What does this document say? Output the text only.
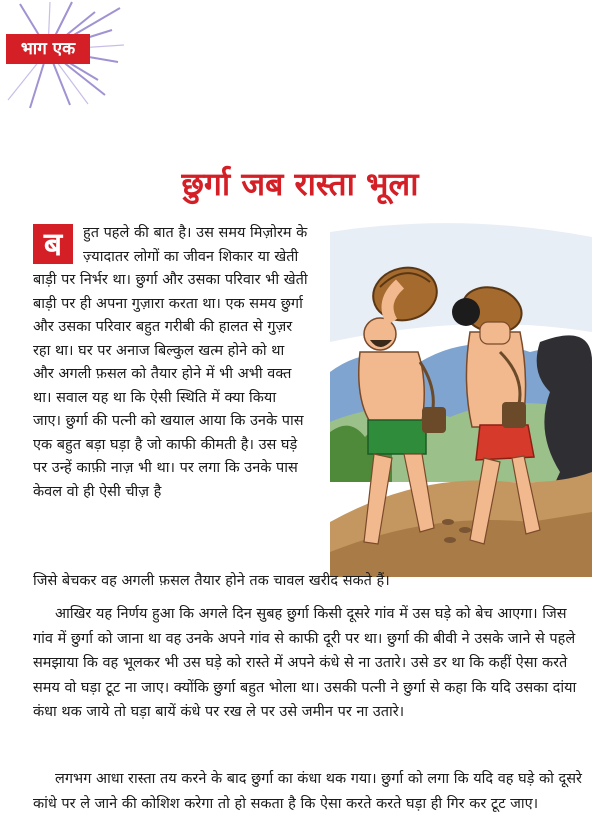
भाग एक
छुर्गा जब रास्ता भूला

ब	हुत पहले की बात है। उस समय मिज़ोरम के ज़्यादातर लोगों का जीवन शिकार या खेती बाड़ी पर निर्भर था। छुर्गा और उसका परिवार भी खेती बाड़ी पर ही अपना गुज़ारा करता था। एक समय छुर्गा और उसका परिवार बहुत गरीबी की हालत से गुज़र रहा था। घर पर अनाज बिल्कुल खत्म होने को था और अगली फ़सल को तैयार होने में भी अभी वक्त था। सवाल यह था कि ऐसी स्थिति में क्या किया जाए। छुर्गा की पत्नी को खयाल आया कि उनके पास एक बहुत बड़ा घड़ा है जो काफी कीमती है। उस घड़े पर उन्हें काफ़ी नाज़ भी था। पर लगा कि उनके पास केवल वो ही ऐसी चीज़ है

जिसे बेचकर वह अगली फ़सल तैयार होने तक चावल खरीद सकते हैं।

आखिर यह निर्णय हुआ कि अगले दिन सुबह छुर्गा किसी दूसरे गांव में उस घड़े को बेच आएगा। जिस गांव में छुर्गा को जाना था वह उनके अपने गांव से काफी दूरी पर था। छुर्गा की बीवी ने उसके जाने से पहले समझाया कि वह भूलकर भी उस घड़े को रास्ते में अपने कंधे से ना उतारे। उसे डर था कि कहीं ऐसा करते समय वो घड़ा टूट ना जाए। क्योंकि छुर्गा बहुत भोला था। उसकी पत्नी ने छुर्गा से कहा कि यदि उसका दांया कंधा थक जाये तो घड़ा बायें कंधे पर रख ले पर उसे जमीन पर ना उतारे।

लगभग आधा रास्ता तय करने के बाद छुर्गा का कंधा थक गया। छुर्गा को लगा कि यदि वह घड़े को दूसरे कांधे पर ले जाने की कोशिश करेगा तो हो सकता है कि ऐसा करते करते घड़ा ही गिर कर टूट जाए।
